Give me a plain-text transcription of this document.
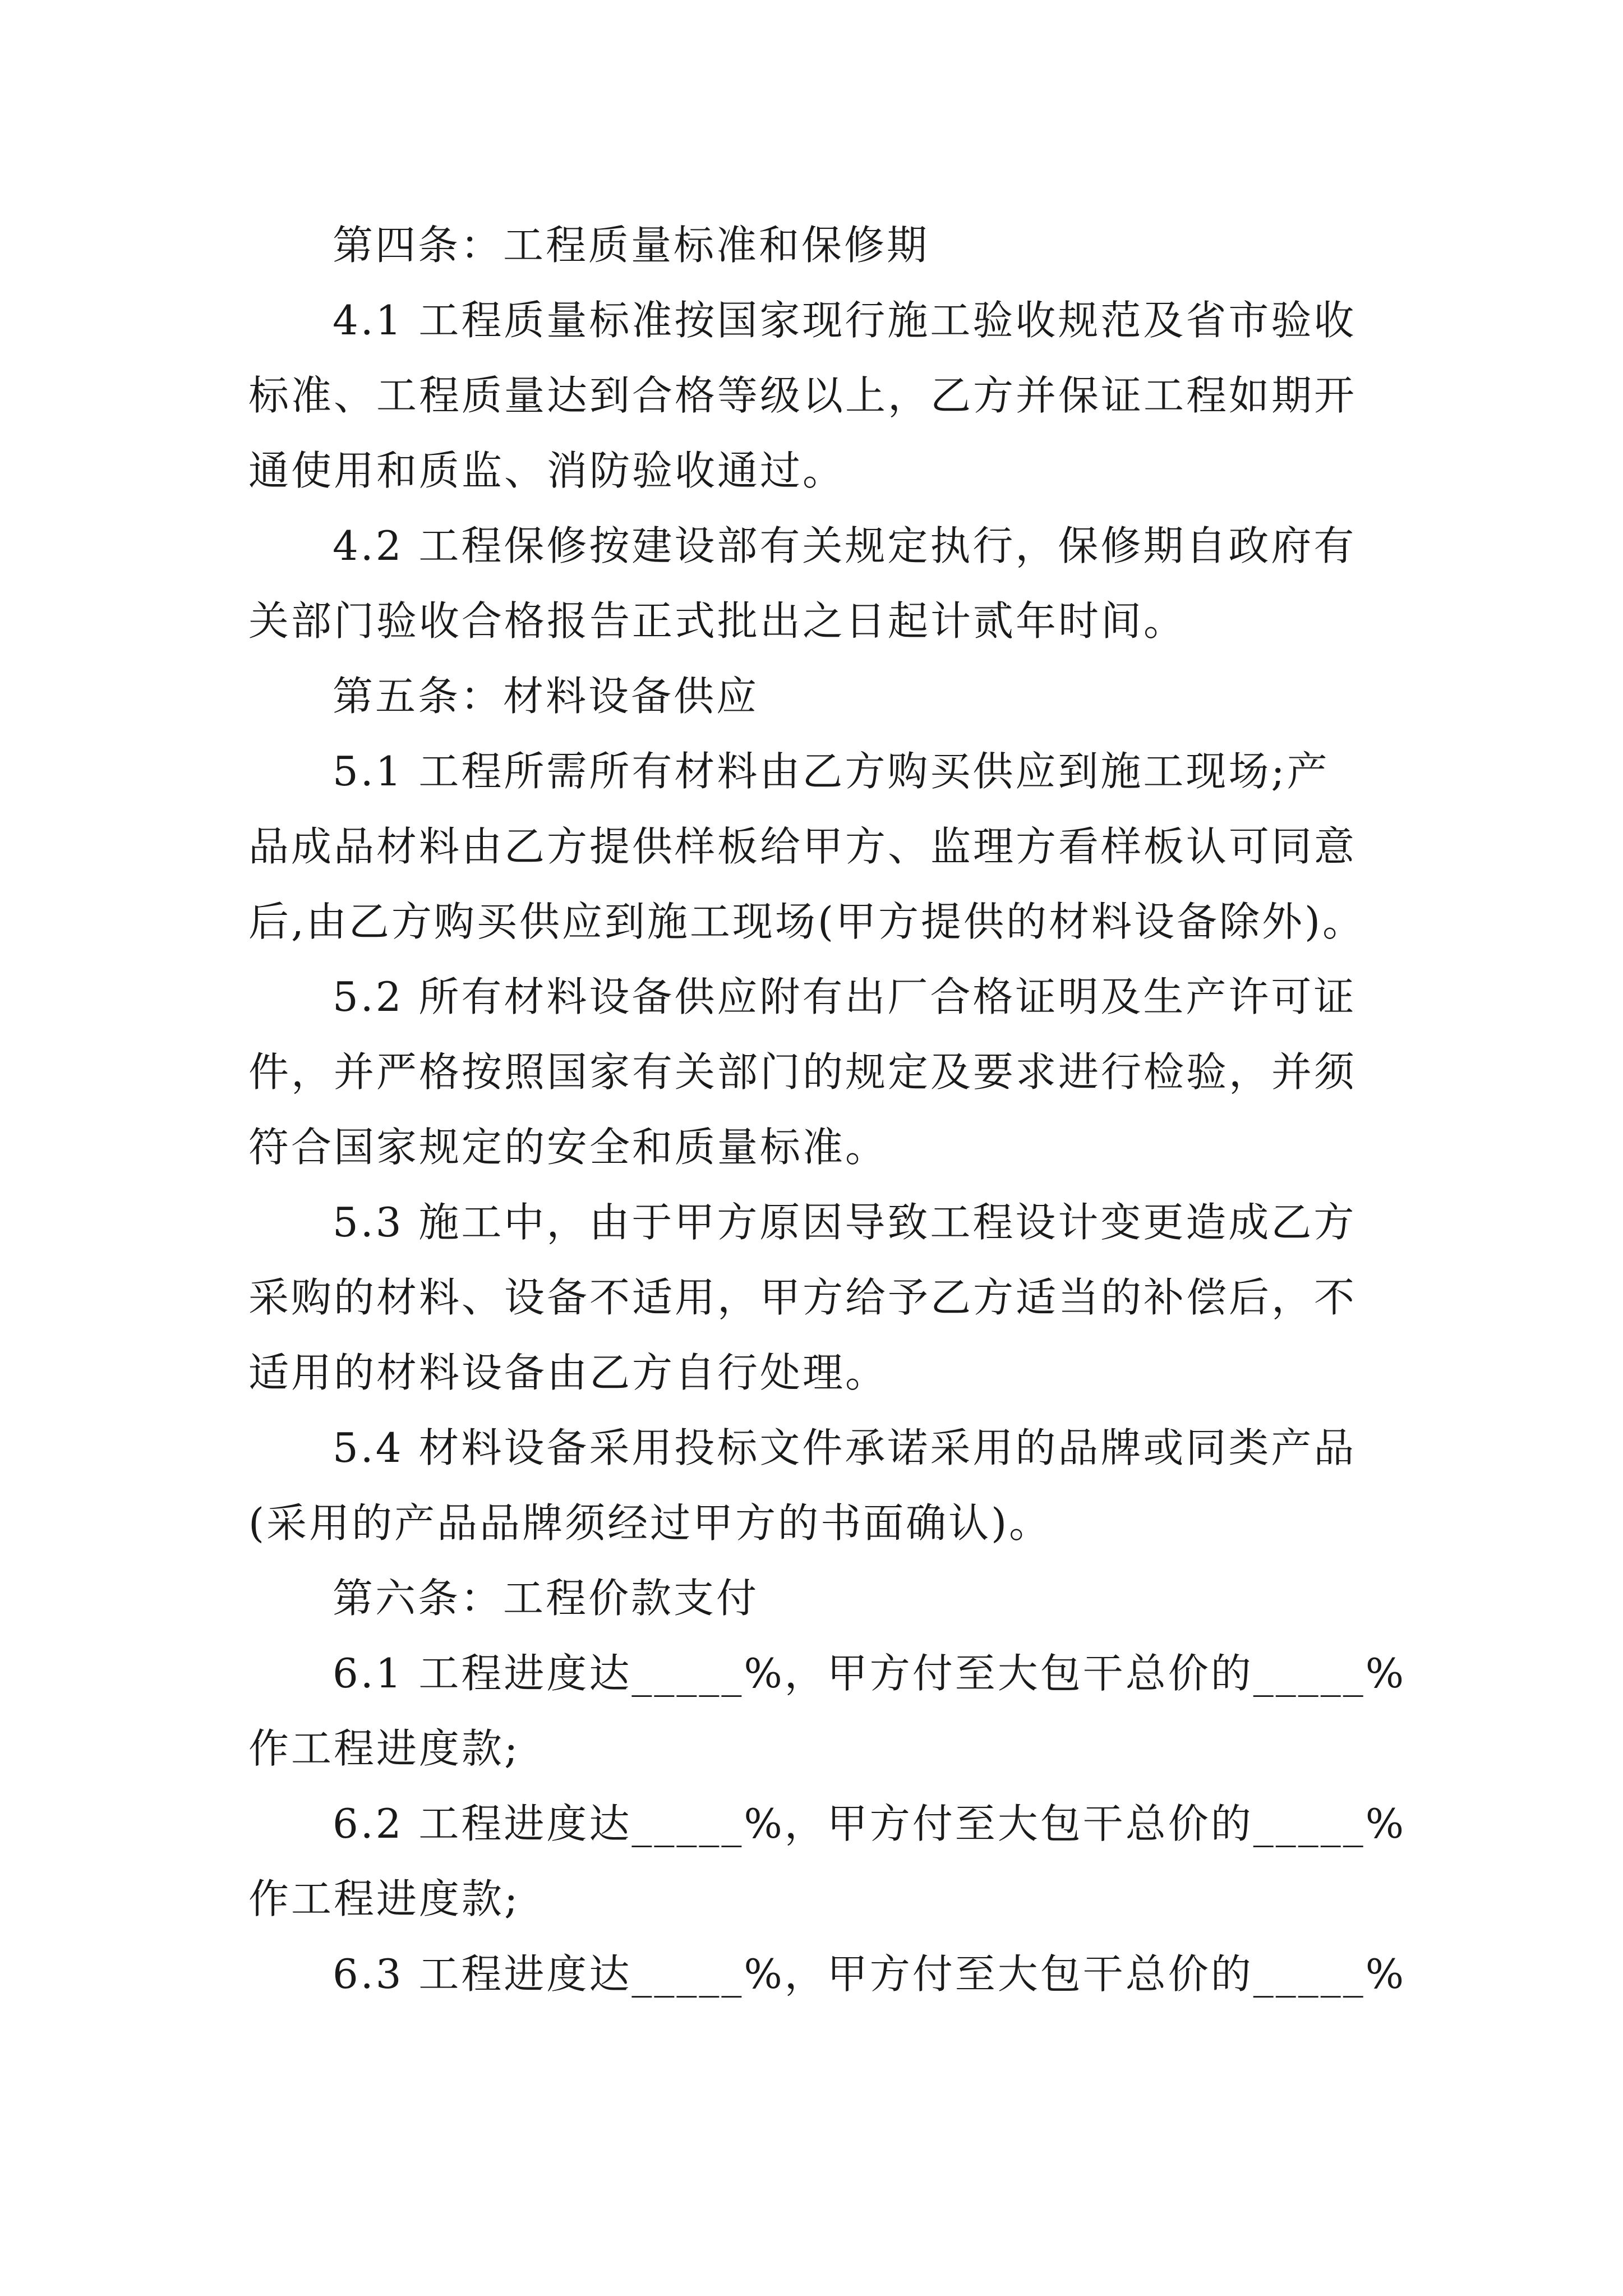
第四条：工程质量标准和保修期

4.1 工程质量标准按国家现行施工验收规范及省市验收
标准、工程质量达到合格等级以上，乙方并保证工程如期开
通使用和质监、消防验收通过。
4.2 工程保修按建设部有关规定执行，保修期自政府有
关部门验收合格报告正式批出之日起计贰年时间。

第五条：材料设备供应

5.1 工程所需所有材料由乙方购买供应到施工现场;产
品成品材料由乙方提供样板给甲方、监理方看样板认可同意
后,由乙方购买供应到施工现场(甲方提供的材料设备除外)。
5.2 所有材料设备供应附有出厂合格证明及生产许可证
件，并严格按照国家有关部门的规定及要求进行检验，并须
符合国家规定的安全和质量标准。
5.3 施工中，由于甲方原因导致工程设计变更造成乙方
采购的材料、设备不适用，甲方给予乙方适当的补偿后，不
适用的材料设备由乙方自行处理。
5.4 材料设备采用投标文件承诺采用的品牌或同类产品
(采用的产品品牌须经过甲方的书面确认)。

第六条：工程价款支付

6.1 工程进度达_____%，甲方付至大包干总价的_____%
作工程进度款;
6.2 工程进度达_____%，甲方付至大包干总价的_____%
作工程进度款;
6.3 工程进度达_____%，甲方付至大包干总价的_____%
